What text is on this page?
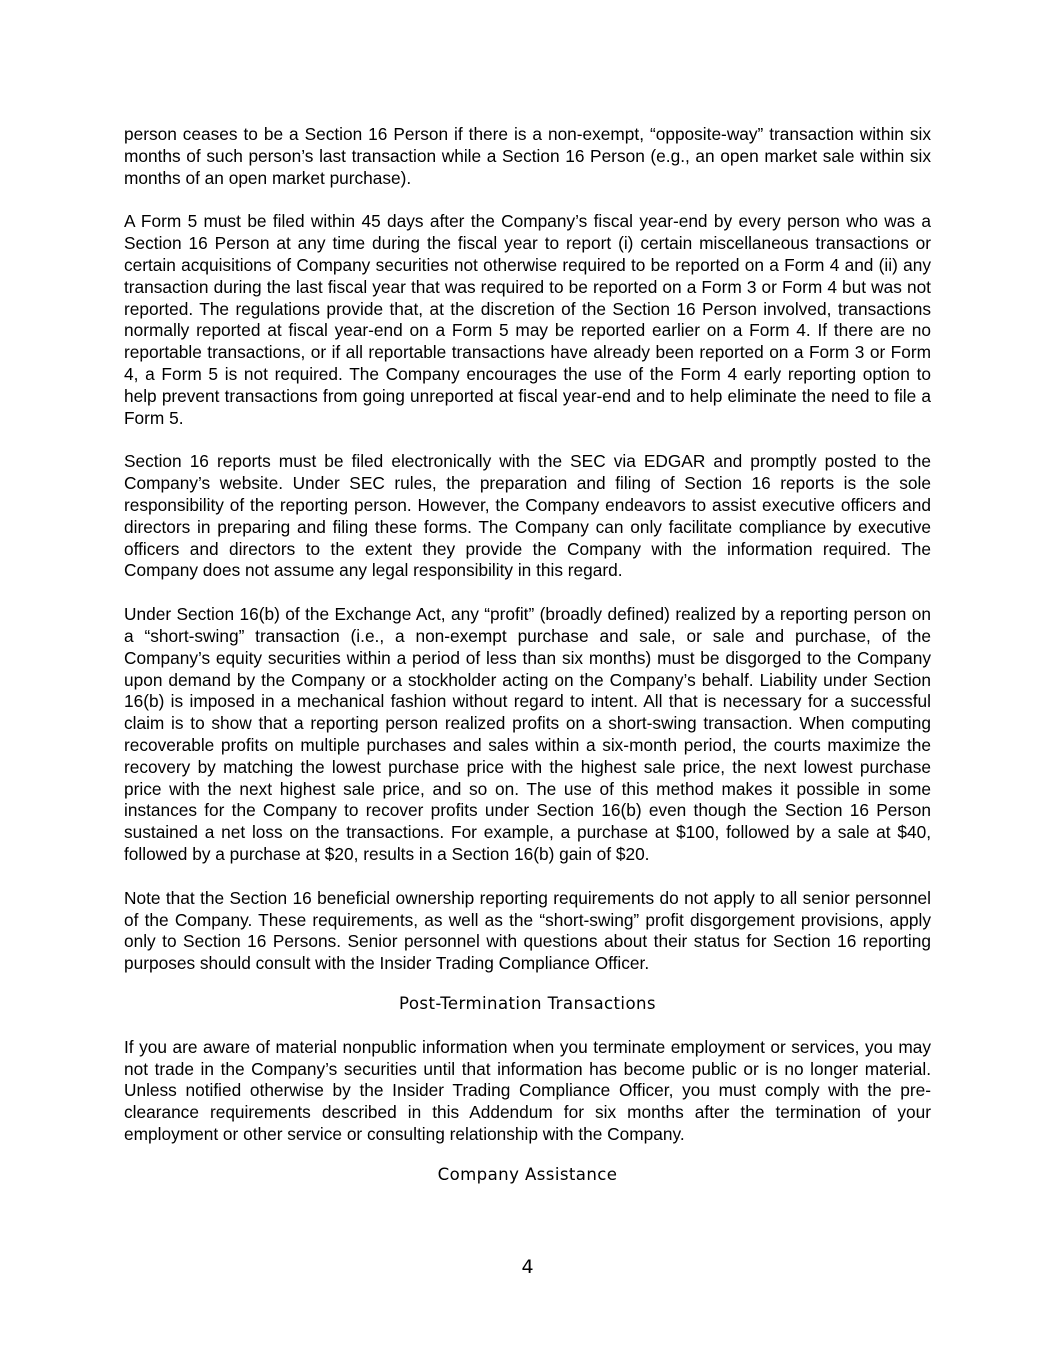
person ceases to be a Section 16 Person if there is a non-exempt, “opposite-way” transaction within six months of such person’s last transaction while a Section 16 Person (e.g., an open market sale within six months of an open market purchase).

A Form 5 must be filed within 45 days after the Company’s fiscal year-end by every person who was a Section 16 Person at any time during the fiscal year to report (i) certain miscellaneous transactions or certain acquisitions of Company securities not otherwise required to be reported on a Form 4 and (ii) any transaction during the last fiscal year that was required to be reported on a Form 3 or Form 4 but was not reported. The regulations provide that, at the discretion of the Section 16 Person involved, transactions normally reported at fiscal year-end on a Form 5 may be reported earlier on a Form 4. If there are no reportable transactions, or if all reportable transactions have already been reported on a Form 3 or Form 4, a Form 5 is not required. The Company encourages the use of the Form 4 early reporting option to help prevent transactions from going unreported at fiscal year-end and to help eliminate the need to file a Form 5.

Section 16 reports must be filed electronically with the SEC via EDGAR and promptly posted to the Company’s website. Under SEC rules, the preparation and filing of Section 16 reports is the sole responsibility of the reporting person. However, the Company endeavors to assist executive officers and directors in preparing and filing these forms. The Company can only facilitate compliance by executive officers and directors to the extent they provide the Company with the information required. The Company does not assume any legal responsibility in this regard.

Under Section 16(b) of the Exchange Act, any “profit” (broadly defined) realized by a reporting person on a “short-swing” transaction (i.e., a non-exempt purchase and sale, or sale and purchase, of the Company’s equity securities within a period of less than six months) must be disgorged to the Company upon demand by the Company or a stockholder acting on the Company’s behalf. Liability under Section 16(b) is imposed in a mechanical fashion without regard to intent. All that is necessary for a successful claim is to show that a reporting person realized profits on a short-swing transaction. When computing recoverable profits on multiple purchases and sales within a six-month period, the courts maximize the recovery by matching the lowest purchase price with the highest sale price, the next lowest purchase price with the next highest sale price, and so on. The use of this method makes it possible in some instances for the Company to recover profits under Section 16(b) even though the Section 16 Person sustained a net loss on the transactions. For example, a purchase at $100, followed by a sale at $40, followed by a purchase at $20, results in a Section 16(b) gain of $20.

Note that the Section 16 beneficial ownership reporting requirements do not apply to all senior personnel of the Company. These requirements, as well as the “short-swing” profit disgorgement provisions, apply only to Section 16 Persons. Senior personnel with questions about their status for Section 16 reporting purposes should consult with the Insider Trading Compliance Officer.

Post-Termination Transactions

If you are aware of material nonpublic information when you terminate employment or services, you may not trade in the Company’s securities until that information has become public or is no longer material. Unless notified otherwise by the Insider Trading Compliance Officer, you must comply with the pre-clearance requirements described in this Addendum for six months after the termination of your employment or other service or consulting relationship with the Company.

Company Assistance
4
